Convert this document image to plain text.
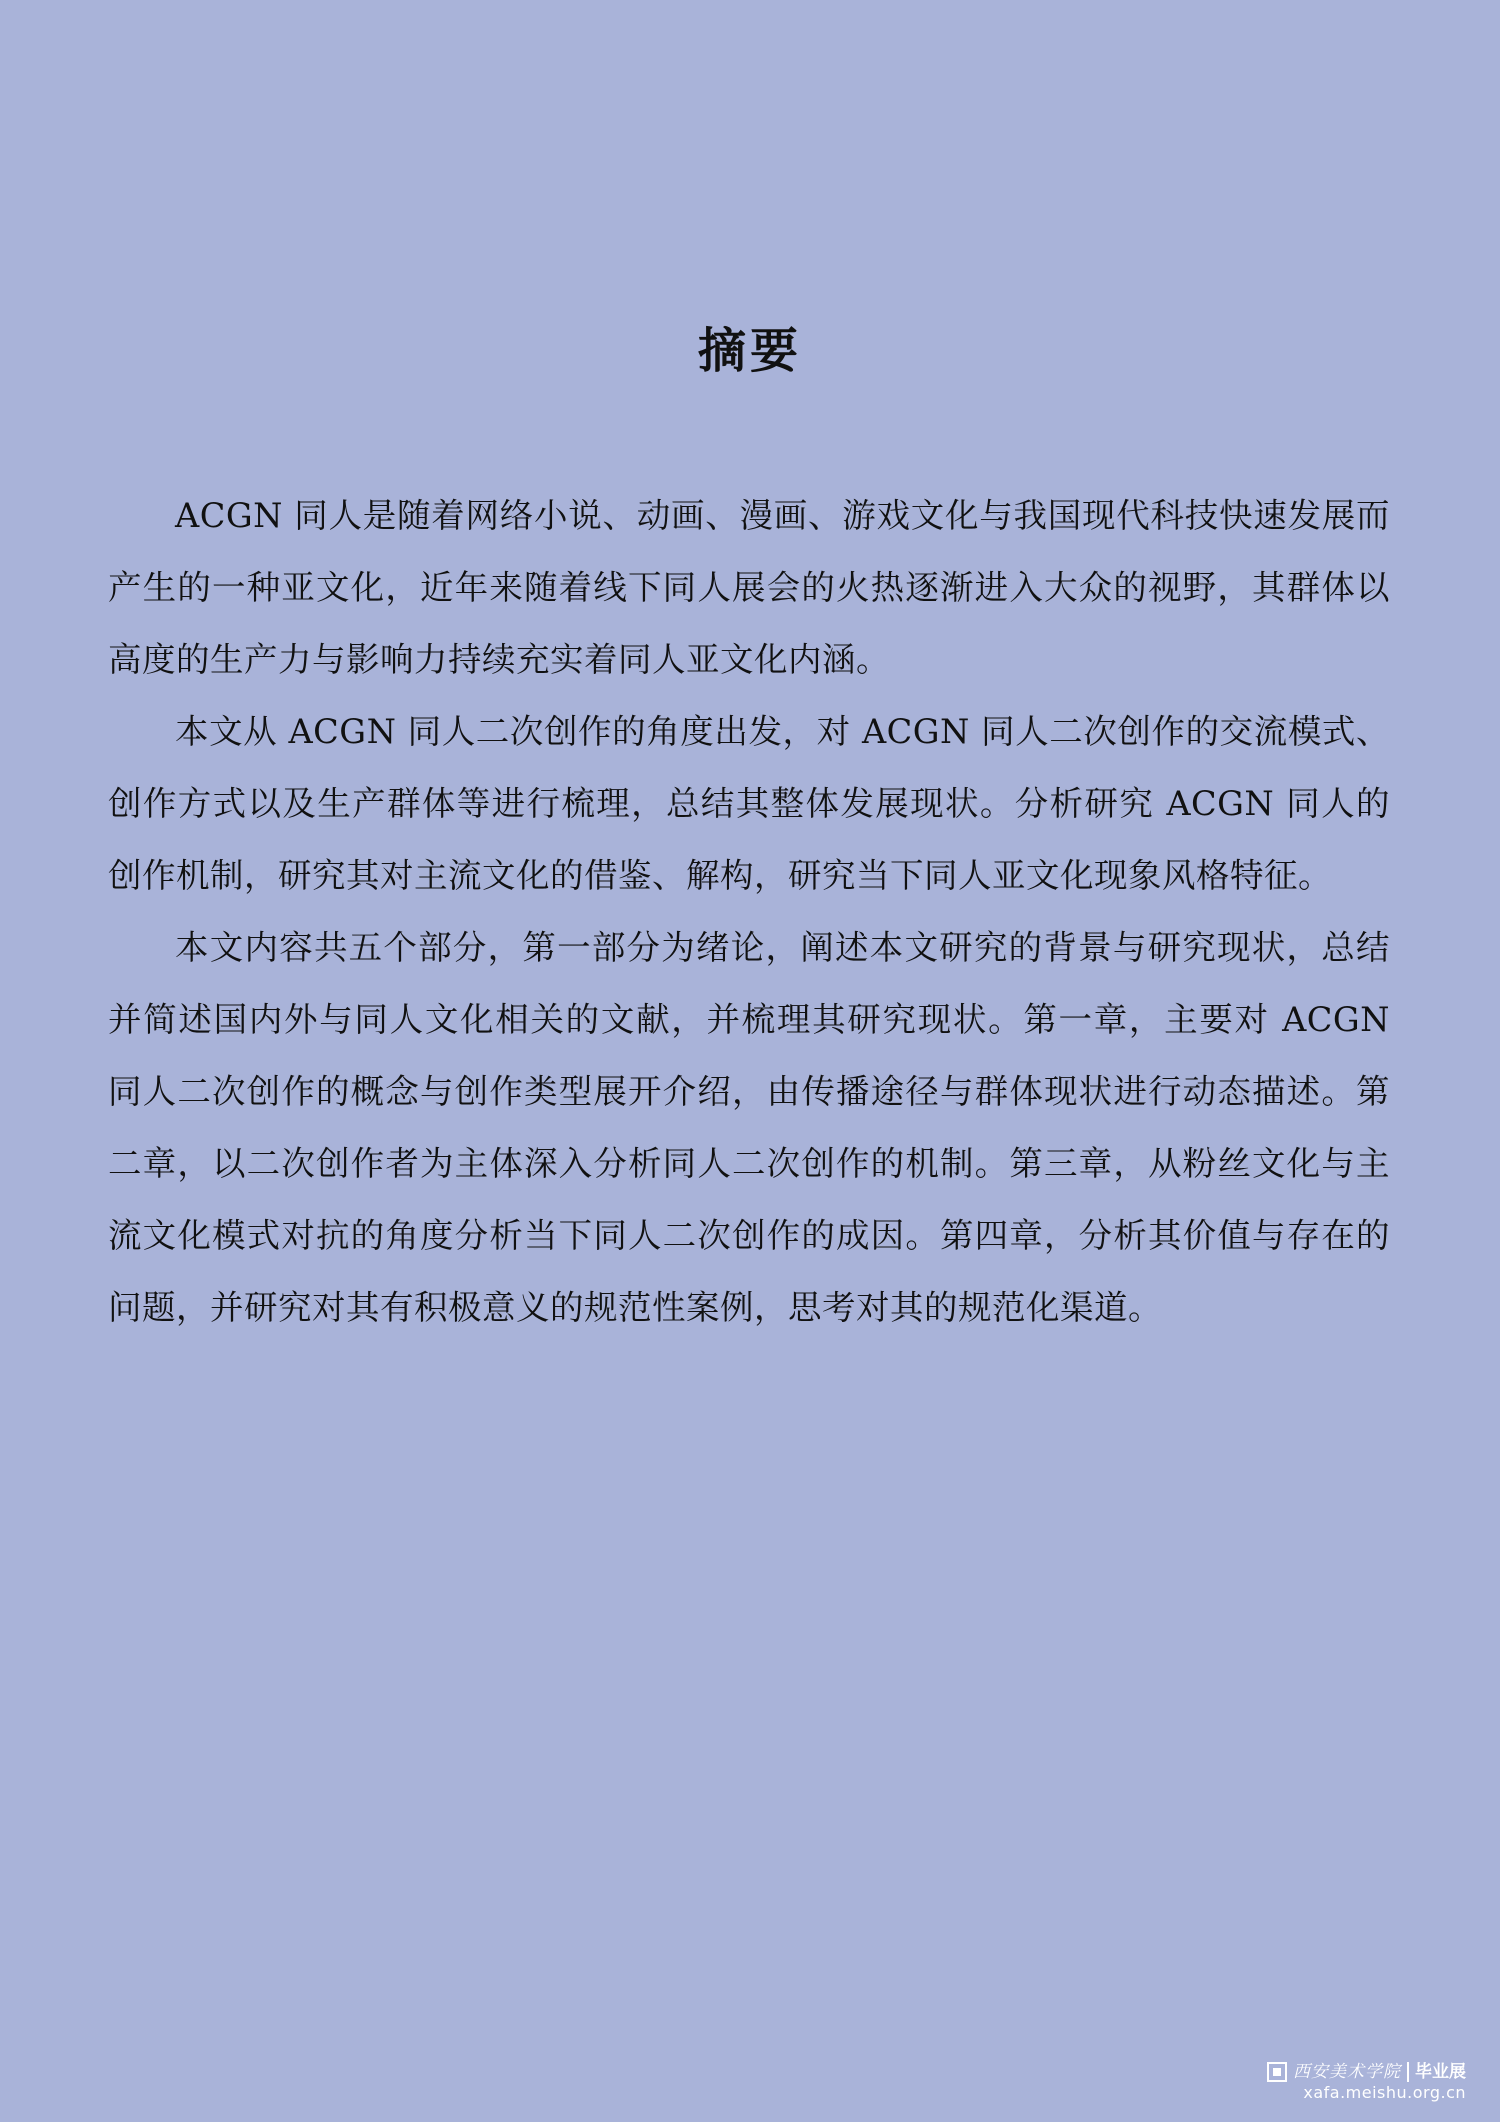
摘要

ACGN 同人是随着网络小说、动画、漫画、游戏文化与我国现代科技快速发展而产生的一种亚文化，近年来随着线下同人展会的火热逐渐进入大众的视野，其群体以高度的生产力与影响力持续充实着同人亚文化内涵。

本文从 ACGN 同人二次创作的角度出发，对 ACGN 同人二次创作的交流模式、创作方式以及生产群体等进行梳理，总结其整体发展现状。分析研究 ACGN 同人的创作机制，研究其对主流文化的借鉴、解构，研究当下同人亚文化现象风格特征。

本文内容共五个部分，第一部分为绪论，阐述本文研究的背景与研究现状，总结并简述国内外与同人文化相关的文献，并梳理其研究现状。第一章，主要对 ACGN 同人二次创作的概念与创作类型展开介绍，由传播途径与群体现状进行动态描述。第二章，以二次创作者为主体深入分析同人二次创作的机制。第三章，从粉丝文化与主流文化模式对抗的角度分析当下同人二次创作的成因。第四章，分析其价值与存在的问题，并研究对其有积极意义的规范性案例，思考对其的规范化渠道。

西安美术学院 毕业展
xafa.meishu.org.cn
